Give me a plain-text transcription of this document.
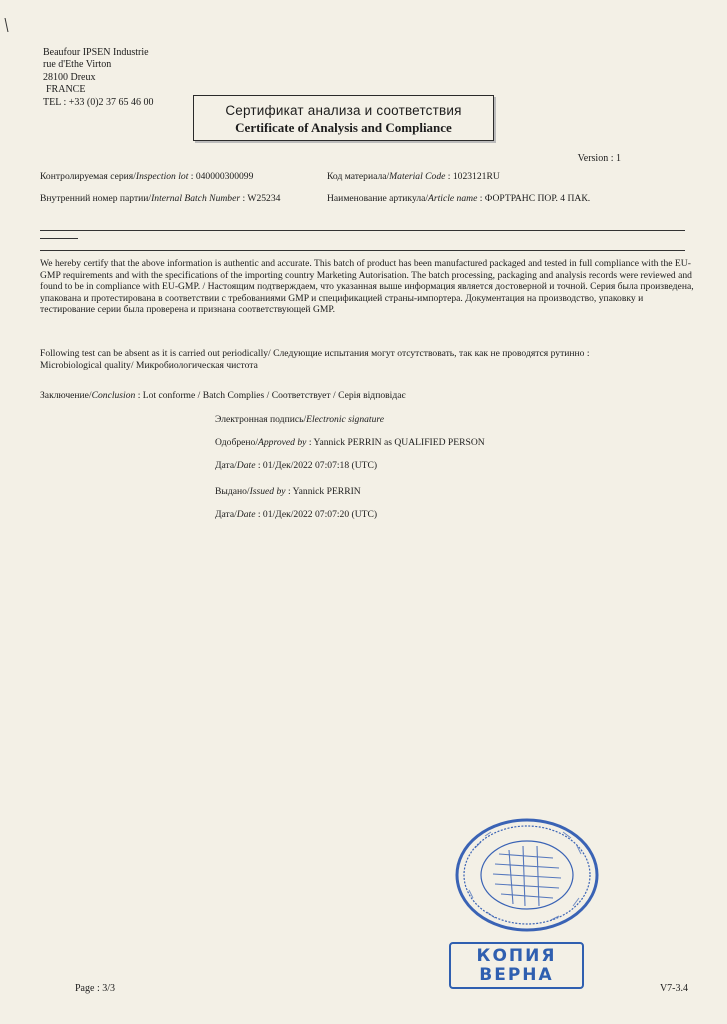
Beaufour IPSEN Industrie
rue d'Ethe Virton
28100 Dreux
FRANCE
TEL : +33 (0)2 37 65 46 00
Сертификат анализа и соответствия
Certificate of Analysis and Compliance
Version : 1
Контролируемая серия/Inspection lot : 040000300099	Код материала/Material Code : 1023121RU
Внутренний номер партии/Internal Batch Number : W25234	Наименование артикула/Article name : ФОРТРАНС ПОР. 4 ПАК.
We hereby certify that the above information is authentic and accurate. This batch of product has been manufactured packaged and tested in full compliance with the EU-GMP requirements and with the specifications of the importing country Marketing Autorisation. The batch processing, packaging and analysis records were reviewed and found to be in compliance with EU-GMP. / Настоящим подтверждаем, что указанная выше информация является достоверной и точной. Серия была произведена, упакована и протестирована в соответствии с требованиями GMP и спецификацией страны-импортера. Документация на производство, упаковку и тестирование серии была проверена и признана соответствующей GMP.
Following test can be absent as it is carried out periodically/ Следующие испытания могут отсутствовать, так как не проводятся рутинно :
Microbiological quality/ Микробиологическая чистота
Заключение/Conclusion : Lot conforme / Batch Complies / Соответствует / Серія відповідає
Электронная подпись/Electronic signature
Одобрено/Approved by : Yannick PERRIN as QUALIFIED PERSON
Дата/Date : 01/Дек/2022 07:07:18 (UTC)
Выдано/Issued by : Yannick PERRIN
Дата/Date : 01/Дек/2022 07:07:20 (UTC)
КОПИЯ
ВЕРНА
Page : 3/3	V7-3.4
